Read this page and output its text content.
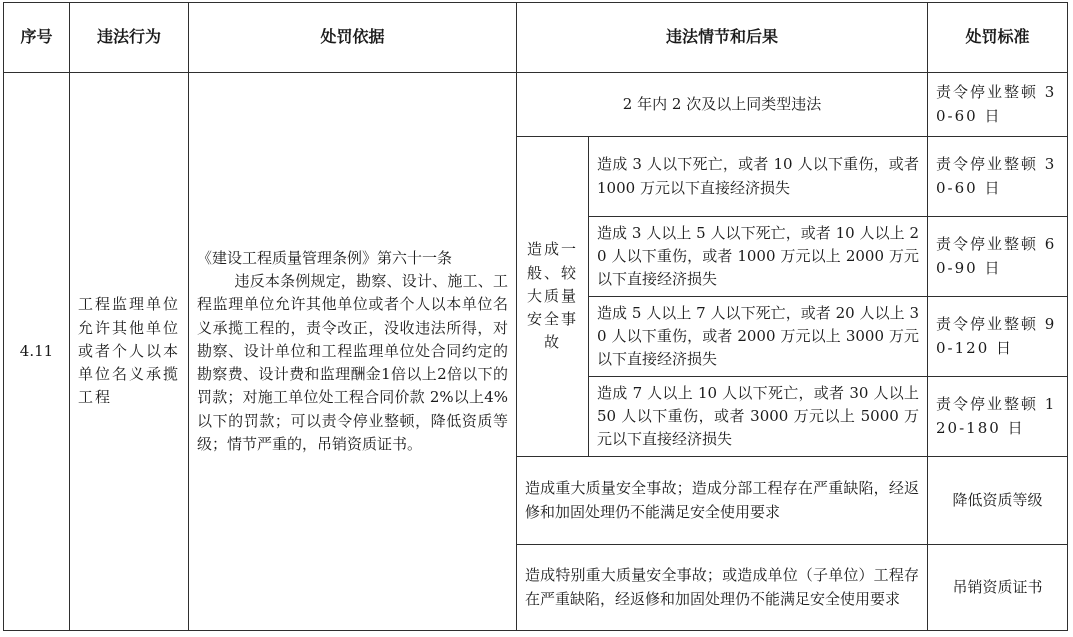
序号	违法行为	处罚依据	违法情节和后果		处罚标准
4.11	工程监理单位允许其他单位或者个人以本单位名义承揽工程	《建设工程质量管理条例》第六十一条
违反本条例规定，勘察、设计、施工、工程监理单位允许其他单位或者个人以本单位名义承揽工程的，责令改正，没收违法所得，对勘察、设计单位和工程监理单位处合同约定的勘察费、设计费和监理酬金1倍以上2倍以下的罚款；对施工单位处工程合同价款 2%以上4%以下的罚款；可以责令停业整顿，降低资质等级；情节严重的，吊销资质证书。	2 年内 2 次及以上同类型违法		责令停业整顿 30-60 日
			造成一般、较大质量安全事故	造成 3 人以下死亡，或者 10 人以下重伤，或者 1000 万元以下直接经济损失	责令停业整顿 30-60 日
				造成 3 人以上 5 人以下死亡，或者 10 人以上 20 人以下重伤，或者 1000 万元以上 2000 万元以下直接经济损失	责令停业整顿 60-90 日
				造成 5 人以上 7 人以下死亡，或者 20 人以上 30 人以下重伤，或者 2000 万元以上 3000 万元以下直接经济损失	责令停业整顿 90-120 日
				造成 7 人以上 10 人以下死亡，或者 30 人以上 50 人以下重伤，或者 3000 万元以上 5000 万元以下直接经济损失	责令停业整顿 120-180 日
			造成重大质量安全事故；造成分部工程存在严重缺陷，经返修和加固处理仍不能满足安全使用要求		降低资质等级
			造成特别重大质量安全事故；或造成单位（子单位）工程存在严重缺陷，经返修和加固处理仍不能满足安全使用要求		吊销资质证书
